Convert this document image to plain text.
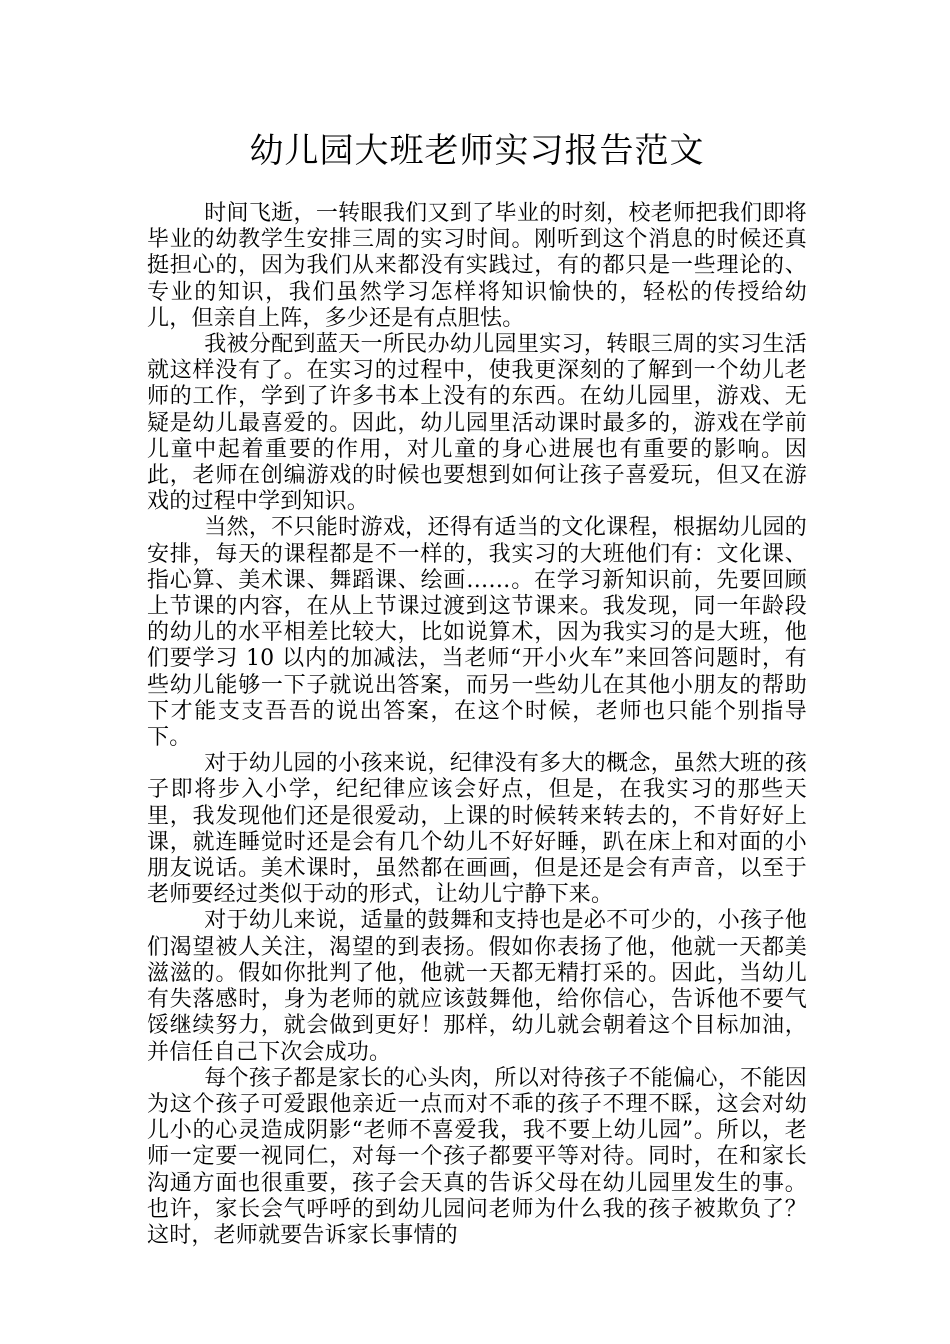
幼儿园大班老师实习报告范文

时间飞逝，一转眼我们又到了毕业的时刻，校老师把我们即将毕业的幼教学生安排三周的实习时间。刚听到这个消息的时候还真挺担心的，因为我们从来都没有实践过，有的都只是一些理论的、专业的知识，我们虽然学习怎样将知识愉快的，轻松的传授给幼儿，但亲自上阵，多少还是有点胆怯。

我被分配到蓝天一所民办幼儿园里实习，转眼三周的实习生活就这样没有了。在实习的过程中，使我更深刻的了解到一个幼儿老师的工作，学到了许多书本上没有的东西。在幼儿园里，游戏、无疑是幼儿最喜爱的。因此，幼儿园里活动课时最多的，游戏在学前儿童中起着重要的作用，对儿童的身心进展也有重要的影响。因此，老师在创编游戏的时候也要想到如何让孩子喜爱玩，但又在游戏的过程中学到知识。

当然，不只能时游戏，还得有适当的文化课程，根据幼儿园的安排，每天的课程都是不一样的，我实习的大班他们有：文化课、指心算、美术课、舞蹈课、绘画……。在学习新知识前，先要回顾上节课的内容，在从上节课过渡到这节课来。我发现，同一年龄段的幼儿的水平相差比较大，比如说算术，因为我实习的是大班，他们要学习 10 以内的加减法，当老师“开小火车”来回答问题时，有些幼儿能够一下子就说出答案，而另一些幼儿在其他小朋友的帮助下才能支支吾吾的说出答案，在这个时候，老师也只能个别指导下。

对于幼儿园的小孩来说，纪律没有多大的概念，虽然大班的孩子即将步入小学，纪纪律应该会好点，但是，在我实习的那些天里，我发现他们还是很爱动，上课的时候转来转去的，不肯好好上课，就连睡觉时还是会有几个幼儿不好好睡，趴在床上和对面的小朋友说话。美术课时，虽然都在画画，但是还是会有声音，以至于老师要经过类似于动的形式，让幼儿宁静下来。

对于幼儿来说，适量的鼓舞和支持也是必不可少的，小孩子他们渴望被人关注，渴望的到表扬。假如你表扬了他，他就一天都美滋滋的。假如你批判了他，他就一天都无精打采的。因此，当幼儿有失落感时，身为老师的就应该鼓舞他，给你信心，告诉他不要气馁继续努力，就会做到更好！那样，幼儿就会朝着这个目标加油，并信任自己下次会成功。

每个孩子都是家长的心头肉，所以对待孩子不能偏心，不能因为这个孩子可爱跟他亲近一点而对不乖的孩子不理不睬，这会对幼儿小的心灵造成阴影“老师不喜爱我，我不要上幼儿园”。所以，老师一定要一视同仁，对每一个孩子都要平等对待。同时，在和家长沟通方面也很重要，孩子会天真的告诉父母在幼儿园里发生的事。也许，家长会气呼呼的到幼儿园问老师为什么我的孩子被欺负了？这时，老师就要告诉家长事情的
